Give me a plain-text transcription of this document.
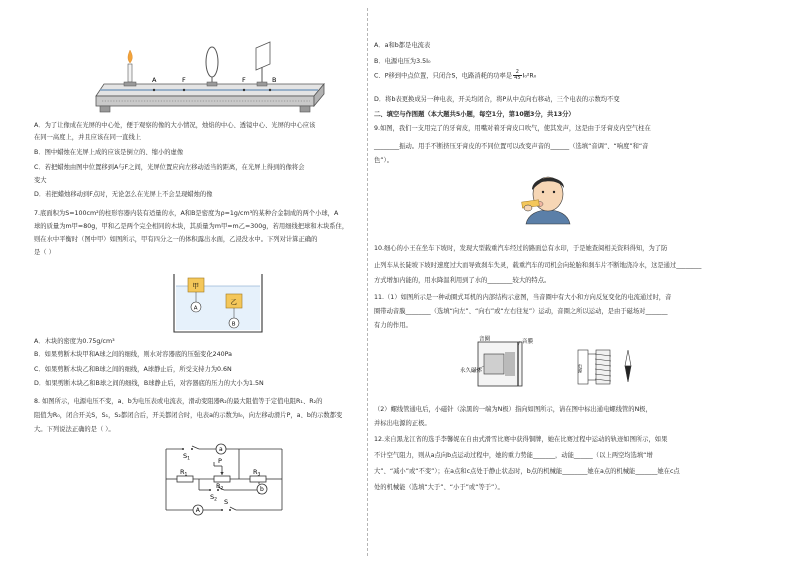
A	F	F	B
A．为了让像成在光屏的中心处，便于观察的像的大小情况，烛焰的中心、透镜中心、光屏的中心应该
在同一高度上，并且应该在同一直线上
B．图中蜡烛在光屏上成的应该是倒立的、缩小的虚像
C．若把蜡烛由图中位置移到A与F之间，光屏位置应向左移动适当的距离，在光屏上得到的像将会
变大
D．若把蜡烛移动到F点时，无论怎么在光屏上不会呈现蜡烛的像
7.底面积为S=100cm²的柱形容器内装有适量的水，A和B是密度为ρ=1g/cm³的某种合金制成的两个小球，A
球的质量为m甲=80g，甲和乙是两个完全相同的木块，其质量为m甲=m乙=300g，若用细线把球和木块系住，
则在水中平衡时（图中甲）如图所示，甲有四分之一的体积露出水面，乙浸没水中。下列对计算正确的
是（ ）
甲
A
乙
B
A．木块的密度为0.75g/cm³
B．如果剪断木块甲和A球之间的细线，则水对容器底的压强变化240Pa
C．如果剪断木块乙和B球之间的细线，A球静止后，所受支持力为0.6N
D．如果剪断木块乙和B球之间的细线，B球静止后，对容器底的压力的大小为1.5N
8. 如图所示，电源电压不变，a、b为电压表或电流表，滑动变阻器R₂的最大阻值等于定值电阻R₁、R₂的
阻值为R₀，闭合开关S，S₁，S₂都闭合后，开关都闭合时，电表a的示数为I₀，向左移动滑片P，a、b的示数都变
大。下列说法正确的是（ ）。
a
b
A
$S_1$
$S_2$ S
P
$R_1$
$R_2$
$R_3$
A．a和b都是电流表
B．电源电压为3.5I₀
C．P移到中点位置，只闭合S，电路消耗的功率是 $\frac{2}{45} I_0^2R_0$
D．将b表更换成另一种电表，开关均闭合，将P从中点向右移动，三个电表的示数均不变
二、填空与作图题（本大题共5小题，每空1分，第10题3分，共13分）
9.如图，我们一支用完了的牙膏皮，用嘴对着牙膏皮口吹气，使其发声，这是由于牙膏皮内空气柱在
________振动。用手不断挤压牙膏皮的不同位置可以改变声音的______（选填“音调”、“响度”和“音
色”）。
10.细心的小王在坐车下坡时，发现大型载重汽车经过的路面总有水印，于是她查阅相关资料得知，为了防
止列车从长陡坡下坡时速度过大而导致刹车失灵，载重汽车的司机会向轮胎和刹车片不断地浇冷水，这是通过________
方式增加内能的，用水降温利用到了水的________较大的特点。
11.（1）如图所示是一种动圈式耳机的内部结构示意图，当音圈中有大小和方向反复变化的电流通过时，音
圈带动音膜________（选填“向左”、“向右”或“左右往复”）运动，音圈之所以运动，是由于磁场对_______
有力的作用。
音圈	音膜
永久磁体	电源
（2）螺线管通电后，小磁针（涂黑的一端为N极）指向如图所示，请在图中标出通电螺线管的N极，
并标出电源的正极。
12.来自黑龙江省的选手李馨妮在自由式滑雪比赛中获得铜牌，她在比赛过程中运动的轨迹如图所示，如果
不计空气阻力，则从a点向b点运动过程中，她的重力势能_______，动能______（以上两空均选填“增
大”、“减小”或“不变”）；在a点和c点处于静止状态时，b点的机械能________她在a点的机械能_______她在c点
处的机械能（选填“大于”、“小于”或“等于”）。
